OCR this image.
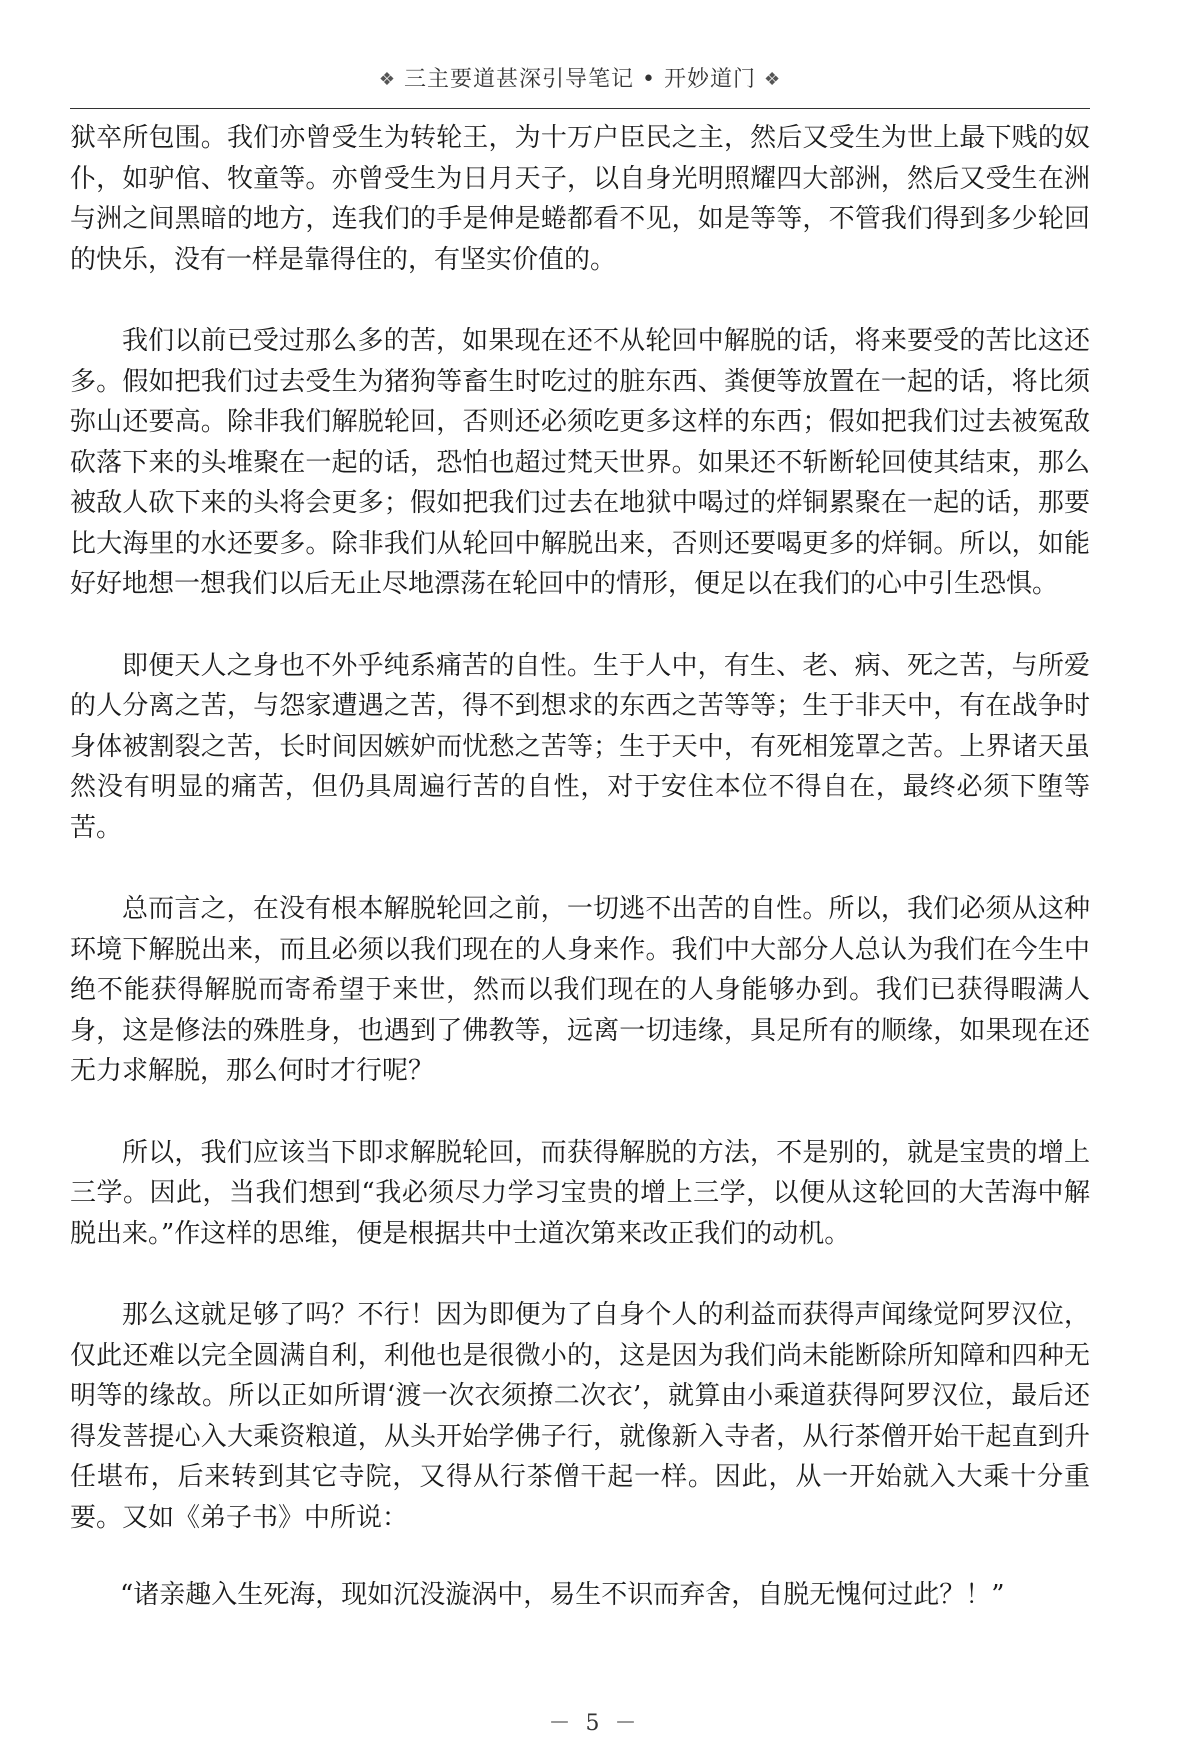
❖ 三主要道甚深引导笔记 • 开妙道门 ❖

狱卒所包围。我们亦曾受生为转轮王，为十万户臣民之主，然后又受生为世上最下贱的奴仆，如驴倌、牧童等。亦曾受生为日月天子，以自身光明照耀四大部洲，然后又受生在洲与洲之间黑暗的地方，连我们的手是伸是蜷都看不见，如是等等，不管我们得到多少轮回的快乐，没有一样是靠得住的，有坚实价值的。

我们以前已受过那么多的苦，如果现在还不从轮回中解脱的话，将来要受的苦比这还多。假如把我们过去受生为猪狗等畜生时吃过的脏东西、粪便等放置在一起的话，将比须弥山还要高。除非我们解脱轮回，否则还必须吃更多这样的东西；假如把我们过去被冤敌砍落下来的头堆聚在一起的话，恐怕也超过梵天世界。如果还不斩断轮回使其结束，那么被敌人砍下来的头将会更多；假如把我们过去在地狱中喝过的烊铜累聚在一起的话，那要比大海里的水还要多。除非我们从轮回中解脱出来，否则还要喝更多的烊铜。所以，如能好好地想一想我们以后无止尽地漂荡在轮回中的情形，便足以在我们的心中引生恐惧。

即便天人之身也不外乎纯系痛苦的自性。生于人中，有生、老、病、死之苦，与所爱的人分离之苦，与怨家遭遇之苦，得不到想求的东西之苦等等；生于非天中，有在战争时身体被割裂之苦，长时间因嫉妒而忧愁之苦等；生于天中，有死相笼罩之苦。上界诸天虽然没有明显的痛苦，但仍具周遍行苦的自性，对于安住本位不得自在，最终必须下堕等苦。

总而言之，在没有根本解脱轮回之前，一切逃不出苦的自性。所以，我们必须从这种环境下解脱出来，而且必须以我们现在的人身来作。我们中大部分人总认为我们在今生中绝不能获得解脱而寄希望于来世，然而以我们现在的人身能够办到。我们已获得暇满人身，这是修法的殊胜身，也遇到了佛教等，远离一切违缘，具足所有的顺缘，如果现在还无力求解脱，那么何时才行呢？

所以，我们应该当下即求解脱轮回，而获得解脱的方法，不是别的，就是宝贵的增上三学。因此，当我们想到“我必须尽力学习宝贵的增上三学，以便从这轮回的大苦海中解脱出来。”作这样的思维，便是根据共中士道次第来改正我们的动机。

那么这就足够了吗？不行！因为即便为了自身个人的利益而获得声闻缘觉阿罗汉位，仅此还难以完全圆满自利，利他也是很微小的，这是因为我们尚未能断除所知障和四种无明等的缘故。所以正如所谓‘渡一次衣须撩二次衣’，就算由小乘道获得阿罗汉位，最后还得发菩提心入大乘资粮道，从头开始学佛子行，就像新入寺者，从行茶僧开始干起直到升任堪布，后来转到其它寺院，又得从行茶僧干起一样。因此，从一开始就入大乘十分重要。又如《弟子书》中所说：

“诸亲趣入生死海，现如沉没漩涡中，易生不识而弃舍，自脱无愧何过此？！”

－ 5 －
